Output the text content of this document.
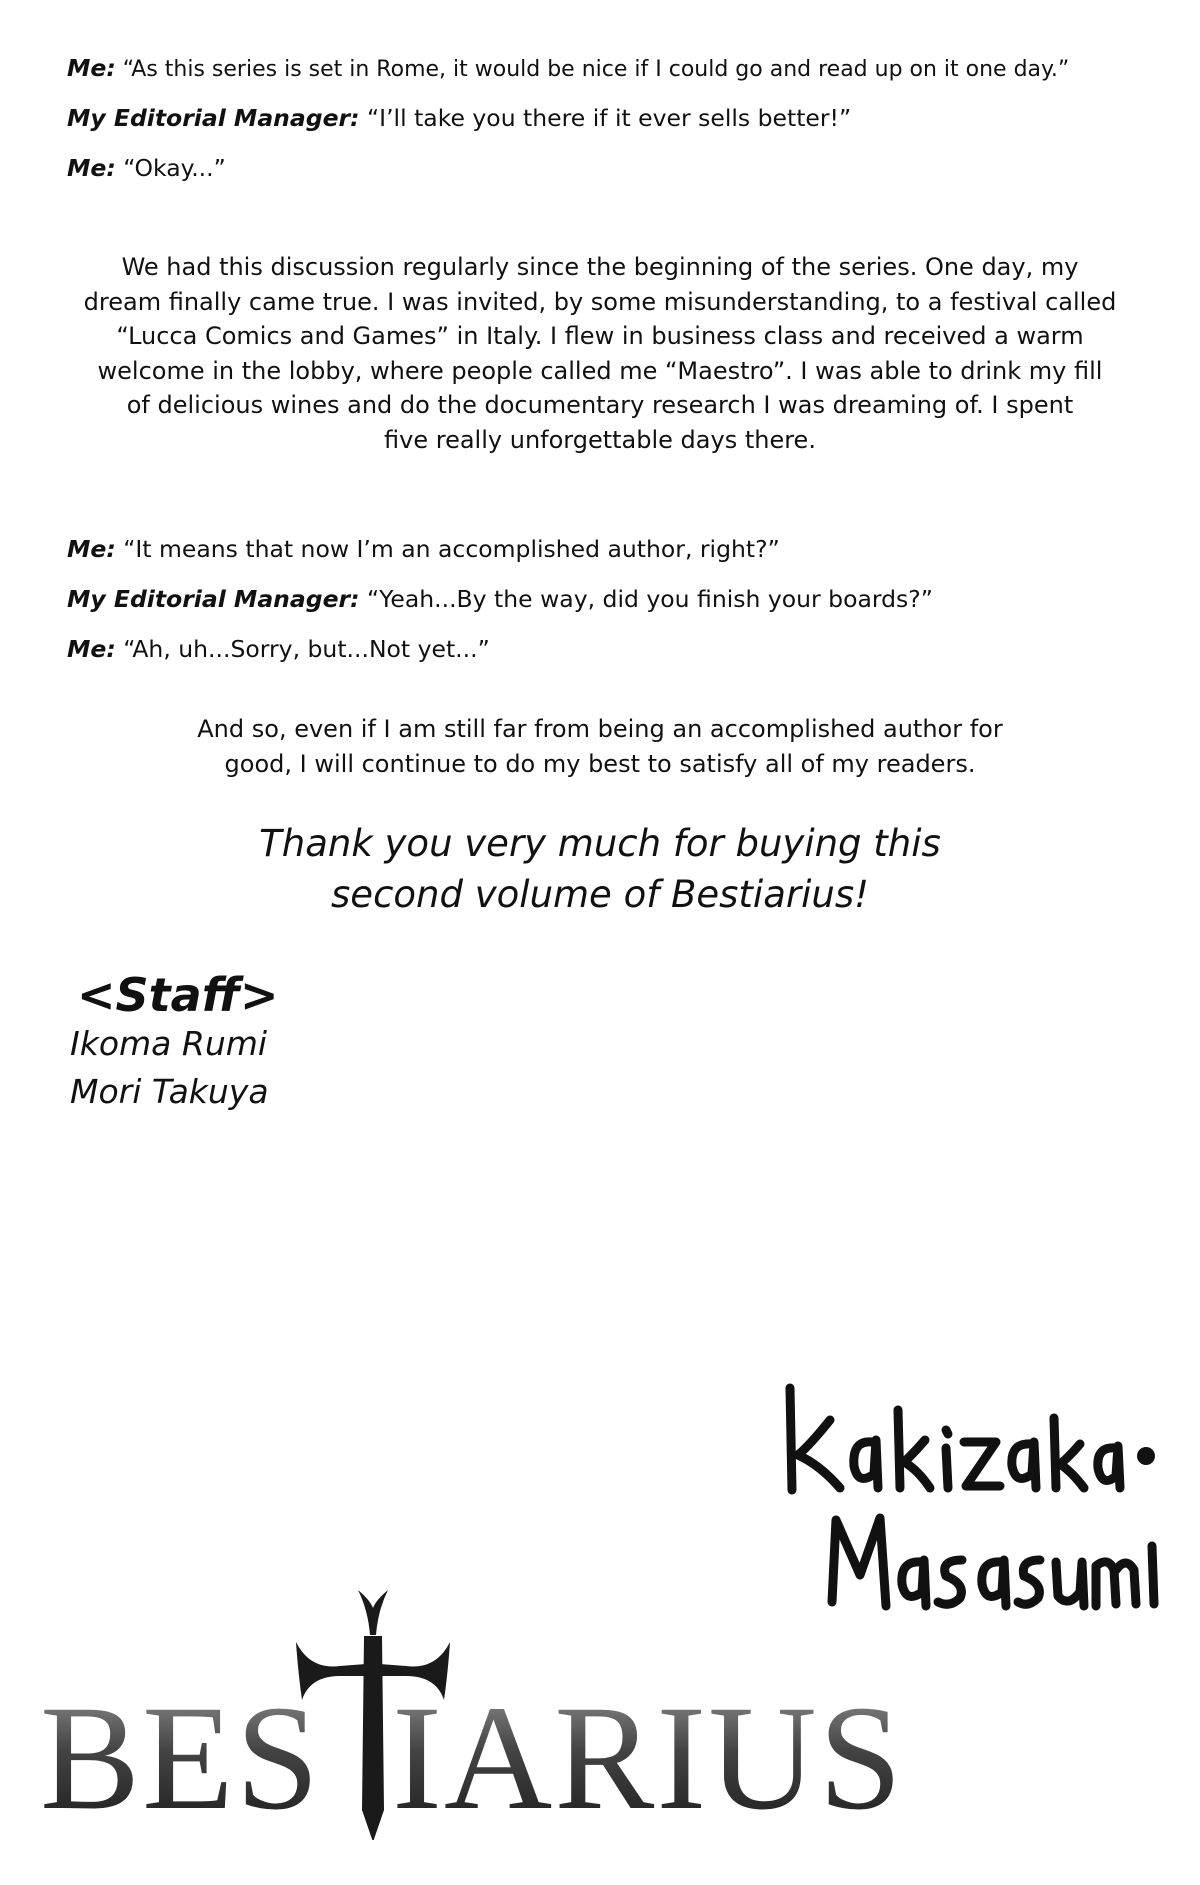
Me: “As this series is set in Rome, it would be nice if I could go and read up on it one day.”
My Editorial Manager: “I’ll take you there if it ever sells better!”
Me: “Okay...”
We had this discussion regularly since the beginning of the series. One day, my
dream finally came true. I was invited, by some misunderstanding, to a festival called
“Lucca Comics and Games” in Italy. I flew in business class and received a warm
welcome in the lobby, where people called me “Maestro”. I was able to drink my fill
of delicious wines and do the documentary research I was dreaming of. I spent
five really unforgettable days there.
Me: “It means that now I’m an accomplished author, right?”
My Editorial Manager: “Yeah...By the way, did you finish your boards?”
Me: “Ah, uh...Sorry, but...Not yet...”
And so, even if I am still far from being an accomplished author for
good, I will continue to do my best to satisfy all of my readers.
Thank you very much for buying this
second volume of Bestiarius!
<Staff>
Ikoma Rumi
Mori Takuya
BES IARIUS
